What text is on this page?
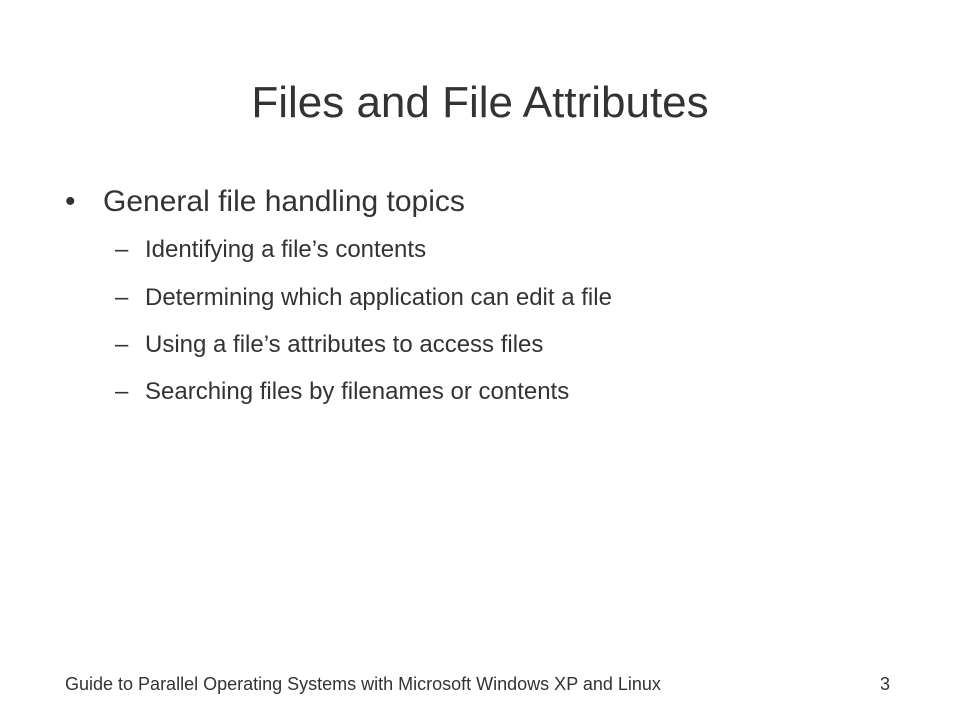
Files and File Attributes
• General file handling topics
– Identifying a file’s contents
– Determining which application can edit a file
– Using a file’s attributes to access files
– Searching files by filenames or contents
Guide to Parallel Operating Systems with Microsoft Windows XP and Linux	3
